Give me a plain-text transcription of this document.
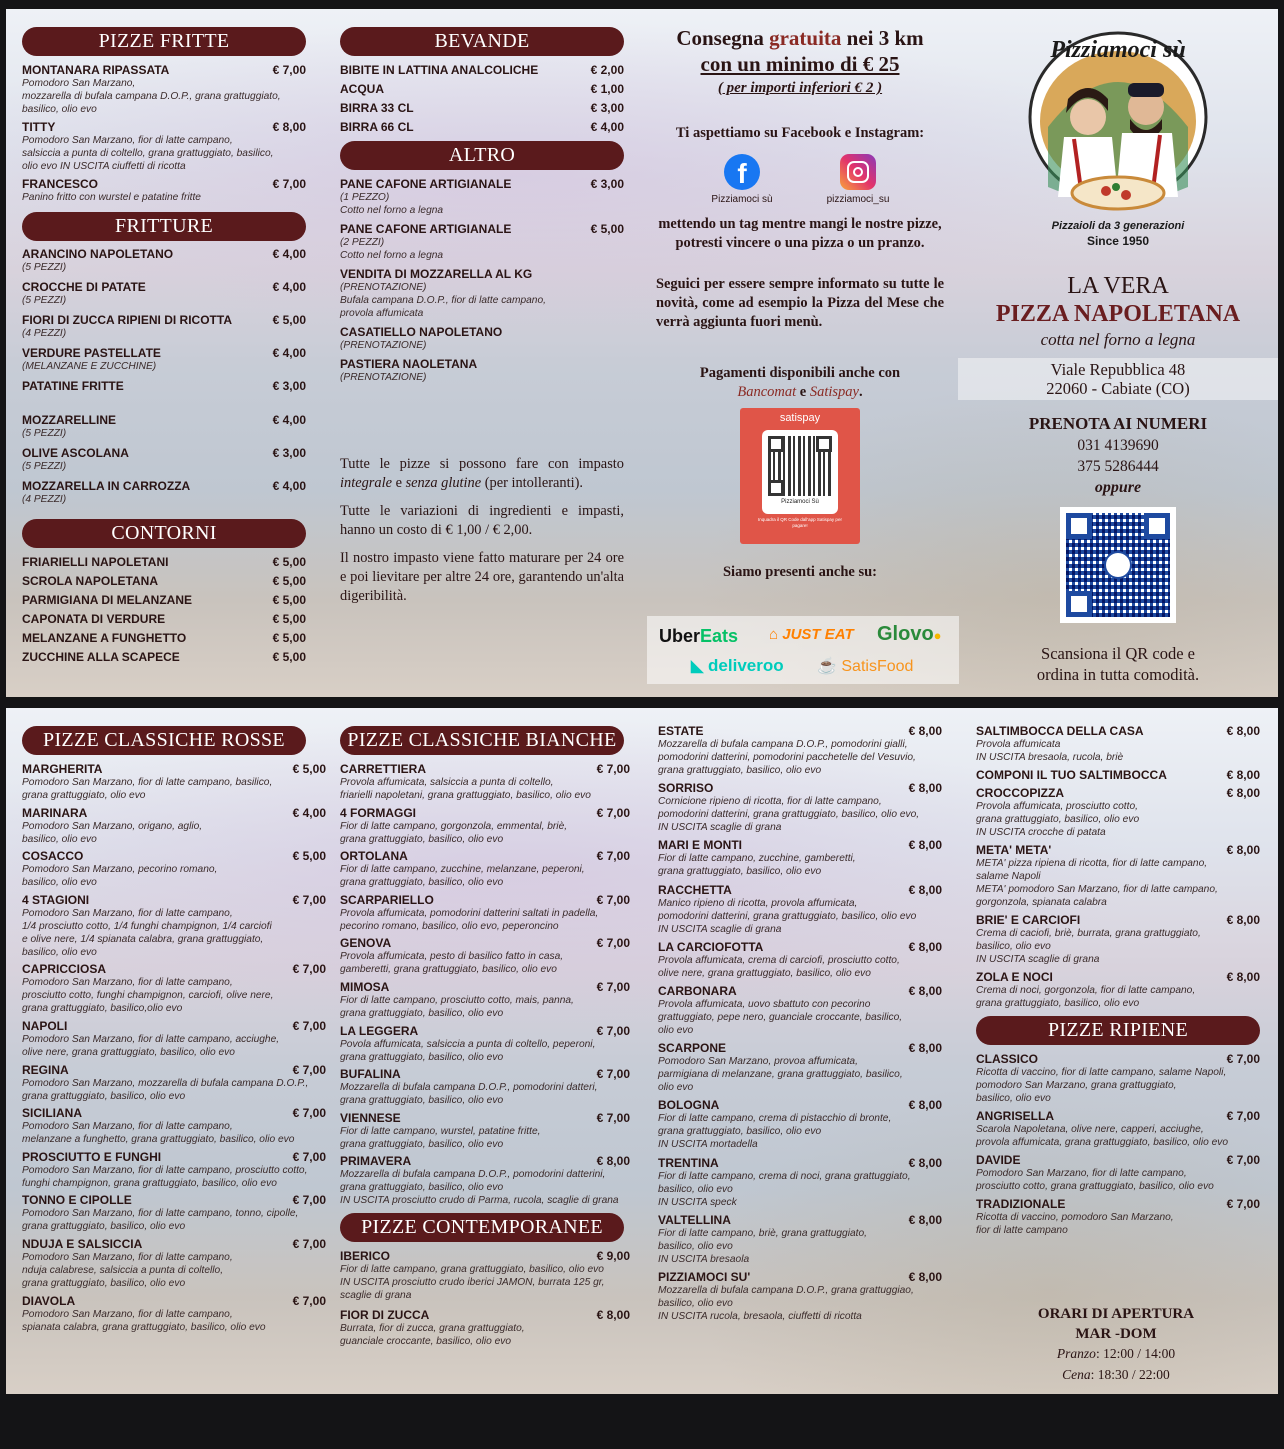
PIZZE FRITTE
MONTANARA RIPASSATA	€ 7,00
Pomodoro San Marzano,
mozzarella di bufala campana D.O.P., grana grattuggiato,
basilico, olio evo
TITTY	€ 8,00
Pomodoro San Marzano, fior di latte campano,
salsiccia a punta di coltello, grana grattuggiato, basilico,
olio evo IN USCITA ciuffetti di ricotta
FRANCESCO	€ 7,00
Panino fritto con wurstel e patatine fritte
FRITTURE
ARANCINO NAPOLETANO	€ 4,00
(5 PEZZI)
CROCCHE DI PATATE	€ 4,00
(5 PEZZI)
FIORI DI ZUCCA RIPIENI DI RICOTTA	€ 5,00
(4 PEZZI)
VERDURE PASTELLATE	€ 4,00
(MELANZANE E ZUCCHINE)
PATATINE FRITTE	€ 3,00
MOZZARELLINE	€ 4,00
(5 PEZZI)
OLIVE ASCOLANA	€ 3,00
(5 PEZZI)
MOZZARELLA IN CARROZZA	€ 4,00
(4 PEZZI)
CONTORNI
FRIARIELLI NAPOLETANI	€ 5,00
SCROLA NAPOLETANA	€ 5,00
PARMIGIANA DI MELANZANE	€ 5,00
CAPONATA DI VERDURE	€ 5,00
MELANZANE A FUNGHETTO	€ 5,00
ZUCCHINE ALLA SCAPECE	€ 5,00
BEVANDE
BIBITE IN LATTINA ANALCOLICHE	€ 2,00
ACQUA	€ 1,00
BIRRA 33 CL	€ 3,00
BIRRA 66 CL	€ 4,00
ALTRO
PANE CAFONE ARTIGIANALE	€ 3,00
(1 PEZZO)
Cotto nel forno a legna
PANE CAFONE ARTIGIANALE	€ 5,00
(2 PEZZI)
Cotto nel forno a legna
VENDITA DI MOZZARELLA AL KG
(PRENOTAZIONE)
Bufala campana D.O.P., fior di latte campano,
provola affumicata
CASATIELLO NAPOLETANO
(PRENOTAZIONE)
PASTIERA NAOLETANA
(PRENOTAZIONE)

Tutte le pizze si possono fare con impasto integrale e senza glutine (per intolleranti).

Tutte le variazioni di ingredienti e impasti, hanno un costo di € 1,00 / € 2,00.

Il nostro impasto viene fatto maturare per 24 ore e poi lievitare per altre 24 ore, garantendo un'alta digeribilità.

Consegna gratuita nei 3 km
con un minimo di € 25
( per importi inferiori € 2 )
Ti aspettiamo su Facebook e Instagram:
f
Pizziamoci sù	pizziamoci_su
mettendo un tag mentre mangi le nostre pizze, potresti vincere o una pizza o un pranzo.
Seguici per essere sempre informato su tutte le novità, come ad esempio la Pizza del Mese che verrà aggiunta fuori menù.
Pagamenti disponibili anche con
Bancomat e Satispay.
satispay
Pizziamoci Sù
Inquadra il QR Code dall'app Satispay per pagare!
Siamo presenti anche su:
UberEats ⌂ JUST EAT Glovo●
◣ deliveroo ☕ SatisFood
Pizziamoci sù
Pizzaioli da 3 generazioni
Since 1950
LA VERA
PIZZA NAPOLETANA
cotta nel forno a legna
Viale Repubblica 48
22060 - Cabiate (CO)
PRENOTA AI NUMERI
031 4139690
375 5286444
oppure
Scansiona il QR code e
ordina in tutta comodità.
PIZZE CLASSICHE ROSSE
MARGHERITA	€ 5,00
Pomodoro San Marzano, fior di latte campano, basilico,
grana grattuggiato, olio evo
MARINARA	€ 4,00
Pomodoro San Marzano, origano, aglio,
basilico, olio evo
COSACCO	€ 5,00
Pomodoro San Marzano, pecorino romano,
basilico, olio evo
4 STAGIONI	€ 7,00
Pomodoro San Marzano, fior di latte campano,
1/4 prosciutto cotto, 1/4 funghi champignon, 1/4 carciofi
e olive nere, 1/4 spianata calabra, grana grattuggiato,
basilico, olio evo
CAPRICCIOSA	€ 7,00
Pomodoro San Marzano, fior di latte campano,
prosciutto cotto, funghi champignon, carciofi, olive nere,
grana grattuggiato, basilico,olio evo
NAPOLI	€ 7,00
Pomodoro San Marzano, fior di latte campano, acciughe,
olive nere, grana grattuggiato, basilico, olio evo
REGINA	€ 7,00
Pomodoro San Marzano, mozzarella di bufala campana D.O.P.,
grana grattuggiato, basilico, olio evo
SICILIANA	€ 7,00
Pomodoro San Marzano, fior di latte campano,
melanzane a funghetto, grana grattuggiato, basilico, olio evo
PROSCIUTTO E FUNGHI	€ 7,00
Pomodoro San Marzano, fior di latte campano, prosciutto cotto,
funghi champignon, grana grattuggiato, basilico, olio evo
TONNO E CIPOLLE	€ 7,00
Pomodoro San Marzano, fior di latte campano, tonno, cipolle,
grana grattuggiato, basilico, olio evo
NDUJA E SALSICCIA	€ 7,00
Pomodoro San Marzano, fior di latte campano,
nduja calabrese, salsiccia a punta di coltello,
grana grattuggiato, basilico, olio evo
DIAVOLA	€ 7,00
Pomodoro San Marzano, fior di latte campano,
spianata calabra, grana grattuggiato, basilico, olio evo
PIZZE CLASSICHE BIANCHE
CARRETTIERA	€ 7,00
Provola affumicata, salsiccia a punta di coltello,
friarielli napoletani, grana grattuggiato, basilico, olio evo
4 FORMAGGI	€ 7,00
Fior di latte campano, gorgonzola, emmental, briè,
grana grattuggiato, basilico, olio evo
ORTOLANA	€ 7,00
Fior di latte campano, zucchine, melanzane, peperoni,
grana grattuggiato, basilico, olio evo
SCARPARIELLO	€ 7,00
Provola affumicata, pomodorini datterini saltati in padella,
pecorino romano, basilico, olio evo, peperoncino
GENOVA	€ 7,00
Provola affumicata, pesto di basilico fatto in casa,
gamberetti, grana grattuggiato, basilico, olio evo
MIMOSA	€ 7,00
Fior di latte campano, prosciutto cotto, mais, panna,
grana grattuggiato, basilico, olio evo
LA LEGGERA	€ 7,00
Povola affumicata, salsiccia a punta di coltello, peperoni,
grana grattuggiato, basilico, olio evo
BUFALINA	€ 7,00
Mozzarella di bufala campana D.O.P., pomodorini datteri,
grana grattuggiato, basilico, olio evo
VIENNESE	€ 7,00
Fior di latte campano, wurstel, patatine fritte,
grana grattuggiato, basilico, olio evo
PRIMAVERA	€ 8,00
Mozzarella di bufala campana D.O.P., pomodorini datterini,
grana grattuggiato, basilico, olio evo
IN USCITA prosciutto crudo di Parma, rucola, scaglie di grana
PIZZE CONTEMPORANEE
IBERICO	€ 9,00
Fior di latte campano, grana grattuggiato, basilico, olio evo
IN USCITA prosciutto crudo iberici JAMON, burrata 125 gr,
scaglie di grana
FIOR DI ZUCCA	€ 8,00
Burrata, fior di zucca, grana grattuggiato,
guanciale croccante, basilico, olio evo
ESTATE	€ 8,00
Mozzarella di bufala campana D.O.P., pomodorini gialli,
pomodorini datterini, pomodorini pacchetelle del Vesuvio,
grana grattuggiato, basilico, olio evo
SORRISO	€ 8,00
Cornicione ripieno di ricotta, fior di latte campano,
pomodorini datterini, grana grattuggiato, basilico, olio evo,
IN USCITA scaglie di grana
MARI E MONTI	€ 8,00
Fior di latte campano, zucchine, gamberetti,
grana grattuggiato, basilico, olio evo
RACCHETTA	€ 8,00
Manico ripieno di ricotta, provola affumicata,
pomodorini datterini, grana grattuggiato, basilico, olio evo
IN USCITA scaglie di grana
LA CARCIOFOTTA	€ 8,00
Provola affumicata, crema di carciofi, prosciutto cotto,
olive nere, grana grattuggiato, basilico, olio evo
CARBONARA	€ 8,00
Provola affumicata, uovo sbattuto con pecorino
grattuggiato, pepe nero, guanciale croccante, basilico,
olio evo
SCARPONE	€ 8,00
Pomodoro San Marzano, provoa affumicata,
parmigiana di melanzane, grana grattuggiato, basilico,
olio evo
BOLOGNA	€ 8,00
Fior di latte campano, crema di pistacchio di bronte,
grana grattuggiato, basilico, olio evo
IN USCITA mortadella
TRENTINA	€ 8,00
Fior di latte campano, crema di noci, grana grattuggiato,
basilico, olio evo
IN USCITA speck
VALTELLINA	€ 8,00
Fior di latte campano, briè, grana grattuggiato,
basilico, olio evo
IN USCITA bresaola
PIZZIAMOCI SU'	€ 8,00
Mozzarella di bufala campana D.O.P., grana grattuggiao,
basilico, olio evo
IN USCITA rucola, bresaola, ciuffetti di ricotta
SALTIMBOCCA DELLA CASA	€ 8,00
Provola affumicata
IN USCITA bresaola, rucola, briè
COMPONI IL TUO SALTIMBOCCA	€ 8,00
CROCCOPIZZA	€ 8,00
Provola affumicata, prosciutto cotto,
grana grattuggiato, basilico, olio evo
IN USCITA crocche di patata
META' META'	€ 8,00
META' pizza ripiena di ricotta, fior di latte campano,
salame Napoli
META' pomodoro San Marzano, fior di latte campano,
gorgonzola, spianata calabra
BRIE' E CARCIOFI	€ 8,00
Crema di caciofi, briè, burrata, grana grattuggiato,
basilico, olio evo
IN USCITA scaglie di grana
ZOLA E NOCI	€ 8,00
Crema di noci, gorgonzola, fior di latte campano,
grana grattuggiato, basilico, olio evo
PIZZE RIPIENE
CLASSICO	€ 7,00
Ricotta di vaccino, fior di latte campano, salame Napoli,
pomodoro San Marzano, grana grattuggiato,
basilico, olio evo
ANGRISELLA	€ 7,00
Scarola Napoletana, olive nere, capperi, acciughe,
provola affumicata, grana grattuggiato, basilico, olio evo
DAVIDE	€ 7,00
Pomodoro San Marzano, fior di latte campano,
prosciutto cotto, grana grattuggiato, basilico, olio evo
TRADIZIONALE	€ 7,00
Ricotta di vaccino, pomodoro San Marzano,
fior di latte campano
ORARI DI APERTURA
MAR -DOM
Pranzo: 12:00 / 14:00
Cena: 18:30 / 22:00
